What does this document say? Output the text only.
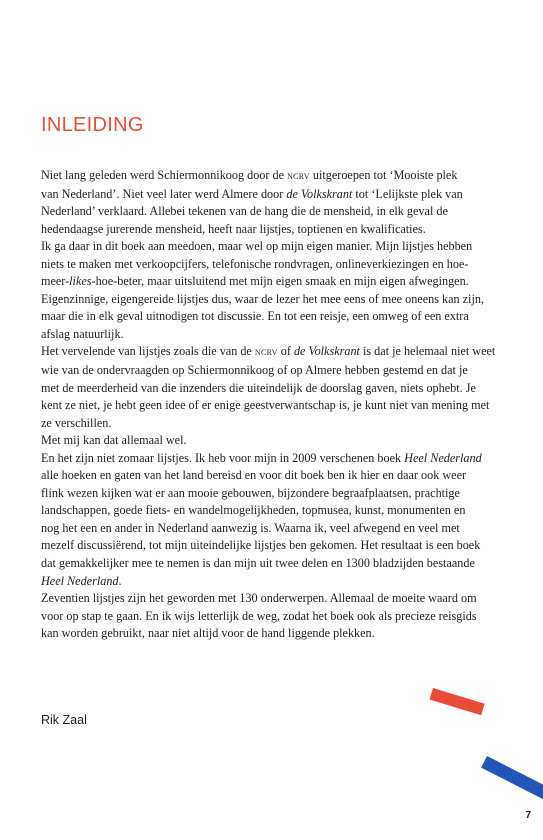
INLEIDING

Niet lang geleden werd Schiermonnikoog door de ncrv uitgeroepen tot ‘Mooiste plek
van Nederland’. Niet veel later werd Almere door de Volkskrant tot ‘Lelijkste plek van
Nederland’ verklaard. Allebei tekenen van de hang die de mensheid, in elk geval de
hedendaagse jurerende mensheid, heeft naar lijstjes, toptienen en kwalificaties.

Ik ga daar in dit boek aan meedoen, maar wel op mijn eigen manier. Mijn lijstjes hebben
niets te maken met verkoopcijfers, telefonische rondvragen, onlineverkiezingen en hoe-
meer-likes-hoe-beter, maar uitsluitend met mijn eigen smaak en mijn eigen afwegingen.
Eigenzinnige, eigengereide lijstjes dus, waar de lezer het mee eens of mee oneens kan zijn,
maar die in elk geval uitnodigen tot discussie. En tot een reisje, een omweg of een extra
afslag natuurlijk.

Het vervelende van lijstjes zoals die van de ncrv of de Volkskrant is dat je helemaal niet weet
wie van de ondervraagden op Schiermonnikoog of op Almere hebben gestemd en dat je
met de meerderheid van die inzenders die uiteindelijk de doorslag gaven, niets ophebt. Je
kent ze niet, je hebt geen idee of er enige geestverwantschap is, je kunt niet van mening met
ze verschillen.

Met mij kan dat allemaal wel.

En het zijn niet zomaar lijstjes. Ik heb voor mijn in 2009 verschenen boek Heel Nederland
alle hoeken en gaten van het land bereisd en voor dit boek ben ik hier en daar ook weer
flink wezen kijken wat er aan mooie gebouwen, bijzondere begraafplaatsen, prachtige
landschappen, goede fiets- en wandelmogelijkheden, topmusea, kunst, monumenten en
nog het een en ander in Nederland aanwezig is. Waarna ik, veel afwegend en veel met
mezelf discussiërend, tot mijn uiteindelijke lijstjes ben gekomen. Het resultaat is een boek
dat gemakkelijker mee te nemen is dan mijn uit twee delen en 1300 bladzijden bestaande
Heel Nederland.

Zeventien lijstjes zijn het geworden met 130 onderwerpen. Allemaal de moeite waard om
voor op stap te gaan. En ik wijs letterlijk de weg, zodat het boek ook als precieze reisgids
kan worden gebruikt, naar niet altijd voor de hand liggende plekken.

Rik Zaal
7
